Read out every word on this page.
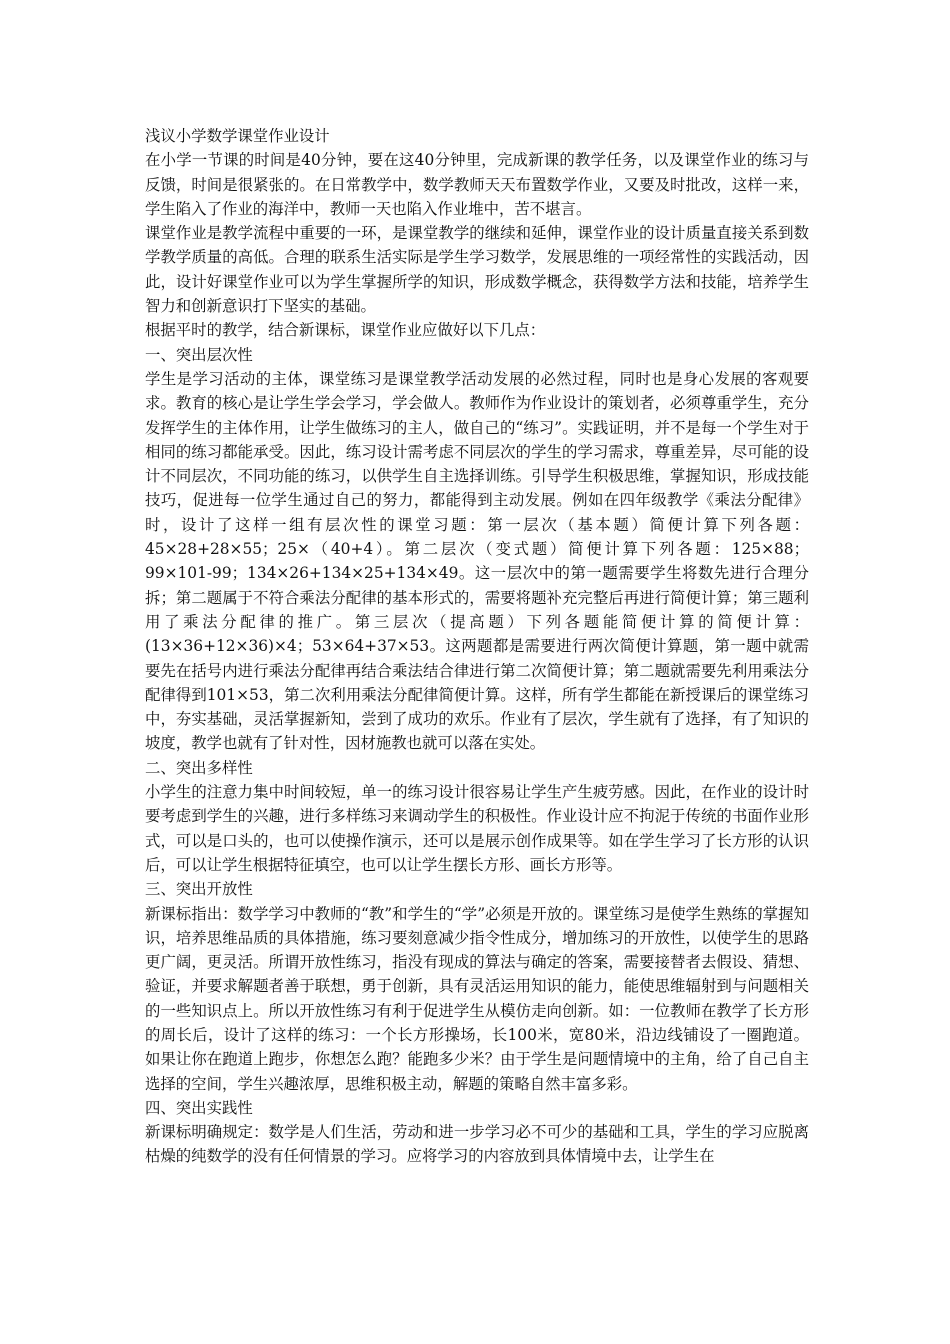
浅议小学数学课堂作业设计
在小学一节课的时间是40分钟，要在这40分钟里，完成新课的教学任务，以及课堂作业的练习与反馈，时间是很紧张的。在日常教学中，数学教师天天布置数学作业，又要及时批改，这样一来，学生陷入了作业的海洋中，教师一天也陷入作业堆中，苦不堪言。
课堂作业是教学流程中重要的一环，是课堂教学的继续和延伸，课堂作业的设计质量直接关系到数学教学质量的高低。合理的联系生活实际是学生学习数学，发展思维的一项经常性的实践活动，因此，设计好课堂作业可以为学生掌握所学的知识，形成数学概念，获得数学方法和技能，培养学生智力和创新意识打下坚实的基础。
根据平时的教学，结合新课标，课堂作业应做好以下几点：
一、突出层次性
学生是学习活动的主体，课堂练习是课堂教学活动发展的必然过程，同时也是身心发展的客观要求。教育的核心是让学生学会学习，学会做人。教师作为作业设计的策划者，必须尊重学生，充分发挥学生的主体作用，让学生做练习的主人，做自己的“练习”。实践证明，并不是每一个学生对于相同的练习都能承受。因此，练习设计需考虑不同层次的学生的学习需求，尊重差异，尽可能的设计不同层次，不同功能的练习，以供学生自主选择训练。引导学生积极思维，掌握知识，形成技能技巧，促进每一位学生通过自己的努力，都能得到主动发展。例如在四年级教学《乘法分配律》时，设计了这样一组有层次性的课堂习题：第一层次（基本题）简便计算下列各题：45×28+28×55；25×（40+4）。第二层次（变式题）简便计算下列各题：125×88；99×101-99；134×26+134×25+134×49。这一层次中的第一题需要学生将数先进行合理分拆；第二题属于不符合乘法分配律的基本形式的，需要将题补充完整后再进行简便计算；第三题利用了乘法分配律的推广。第三层次（提高题）下列各题能简便计算的简便计算：(13×36+12×36)×4；53×64+37×53。这两题都是需要进行两次简便计算题，第一题中就需要先在括号内进行乘法分配律再结合乘法结合律进行第二次简便计算；第二题就需要先利用乘法分配律得到101×53，第二次利用乘法分配律简便计算。这样，所有学生都能在新授课后的课堂练习中，夯实基础，灵活掌握新知，尝到了成功的欢乐。作业有了层次，学生就有了选择，有了知识的坡度，教学也就有了针对性，因材施教也就可以落在实处。
二、突出多样性
小学生的注意力集中时间较短，单一的练习设计很容易让学生产生疲劳感。因此，在作业的设计时要考虑到学生的兴趣，进行多样练习来调动学生的积极性。作业设计应不拘泥于传统的书面作业形式，可以是口头的，也可以使操作演示，还可以是展示创作成果等。如在学生学习了长方形的认识后，可以让学生根据特征填空，也可以让学生摆长方形、画长方形等。
三、突出开放性
新课标指出：数学学习中教师的“教”和学生的“学”必须是开放的。课堂练习是使学生熟练的掌握知识，培养思维品质的具体措施，练习要刻意减少指令性成分，增加练习的开放性，以使学生的思路更广阔，更灵活。所谓开放性练习，指没有现成的算法与确定的答案，需要接替者去假设、猜想、验证，并要求解题者善于联想，勇于创新，具有灵活运用知识的能力，能使思维辐射到与问题相关的一些知识点上。所以开放性练习有利于促进学生从模仿走向创新。如：一位教师在教学了长方形的周长后，设计了这样的练习：一个长方形操场，长100米，宽80米，沿边线铺设了一圈跑道。如果让你在跑道上跑步，你想怎么跑？能跑多少米？由于学生是问题情境中的主角，给了自己自主选择的空间，学生兴趣浓厚，思维积极主动，解题的策略自然丰富多彩。
四、突出实践性
新课标明确规定：数学是人们生活，劳动和进一步学习必不可少的基础和工具，学生的学习应脱离枯燥的纯数学的没有任何情景的学习。应将学习的内容放到具体情境中去，让学生在
